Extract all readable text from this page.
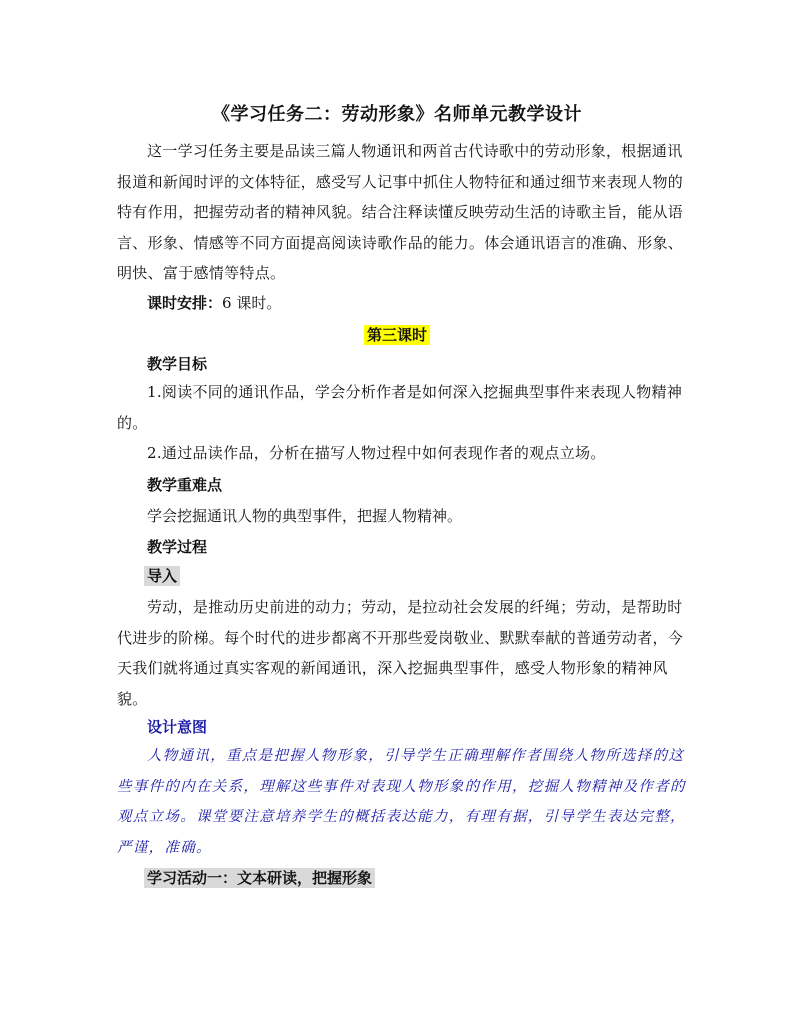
《学习任务二：劳动形象》名师单元教学设计
这一学习任务主要是品读三篇人物通讯和两首古代诗歌中的劳动形象，根据通讯报道和新闻时评的文体特征，感受写人记事中抓住人物特征和通过细节来表现人物的特有作用，把握劳动者的精神风貌。结合注释读懂反映劳动生活的诗歌主旨，能从语言、形象、情感等不同方面提高阅读诗歌作品的能力。体会通讯语言的准确、形象、明快、富于感情等特点。
课时安排：6 课时。
第三课时
教学目标
1.阅读不同的通讯作品，学会分析作者是如何深入挖掘典型事件来表现人物精神的。
2.通过品读作品，分析在描写人物过程中如何表现作者的观点立场。
教学重难点
学会挖掘通讯人物的典型事件，把握人物精神。
教学过程
导入
劳动，是推动历史前进的动力；劳动，是拉动社会发展的纤绳；劳动，是帮助时代进步的阶梯。每个时代的进步都离不开那些爱岗敬业、默默奉献的普通劳动者，今天我们就将通过真实客观的新闻通讯，深入挖掘典型事件，感受人物形象的精神风貌。
设计意图
人物通讯，重点是把握人物形象，引导学生正确理解作者围绕人物所选择的这些事件的内在关系，理解这些事件对表现人物形象的作用，挖掘人物精神及作者的观点立场。课堂要注意培养学生的概括表达能力，有理有据，引导学生表达完整，严谨，准确。
学习活动一：文本研读，把握形象
